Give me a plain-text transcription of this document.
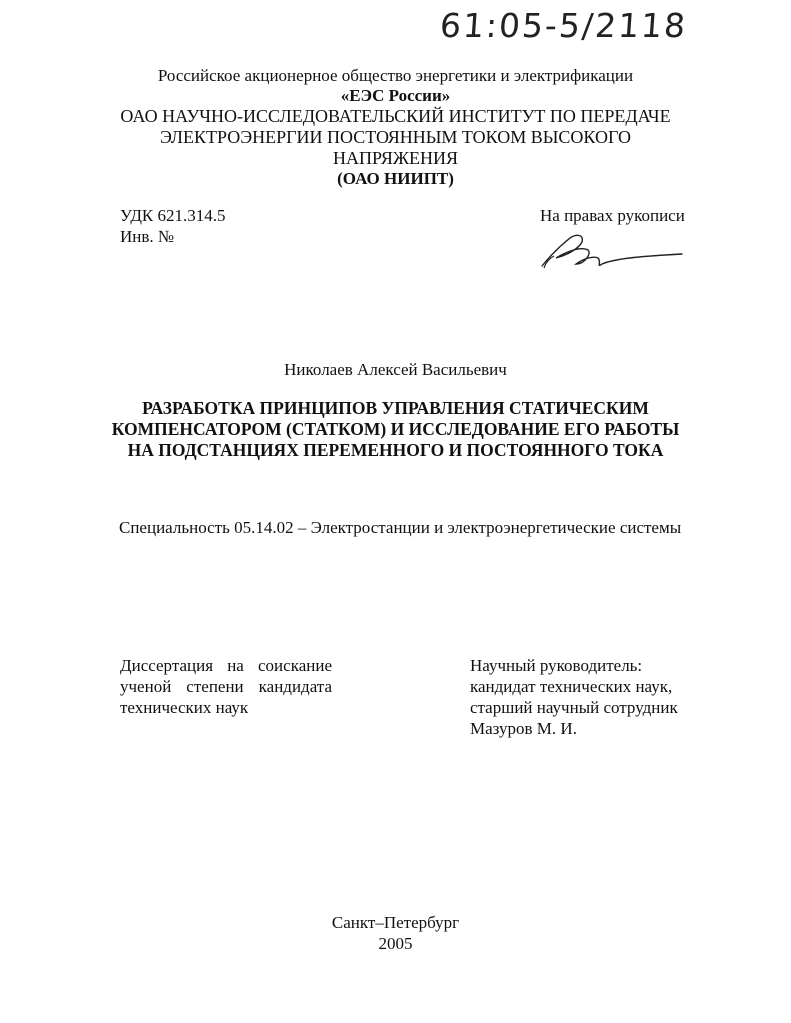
61:05-5/2118
Российское акционерное общество энергетики и электрификации
«ЕЭС России»
ОАО НАУЧНО-ИССЛЕДОВАТЕЛЬСКИЙ ИНСТИТУТ ПО ПЕРЕДАЧЕ
ЭЛЕКТРОЭНЕРГИИ ПОСТОЯННЫМ ТОКОМ ВЫСОКОГО
НАПРЯЖЕНИЯ
(ОАО НИИПТ)
УДК 621.314.5
Инв. №
На правах рукописи
Николаев Алексей Васильевич
РАЗРАБОТКА ПРИНЦИПОВ УПРАВЛЕНИЯ СТАТИЧЕСКИМ
КОМПЕНСАТОРОМ (СТАТКОМ) И ИССЛЕДОВАНИЕ ЕГО РАБОТЫ
НА ПОДСТАНЦИЯХ ПЕРЕМЕННОГО И ПОСТОЯННОГО ТОКА
Специальность 05.14.02 – Электростанции и электроэнергетические системы
Диссертация на соискание
ученой степени кандидата
технических наук
Научный руководитель:
кандидат технических наук,
старший научный сотрудник
Мазуров М. И.
Санкт–Петербург
2005
